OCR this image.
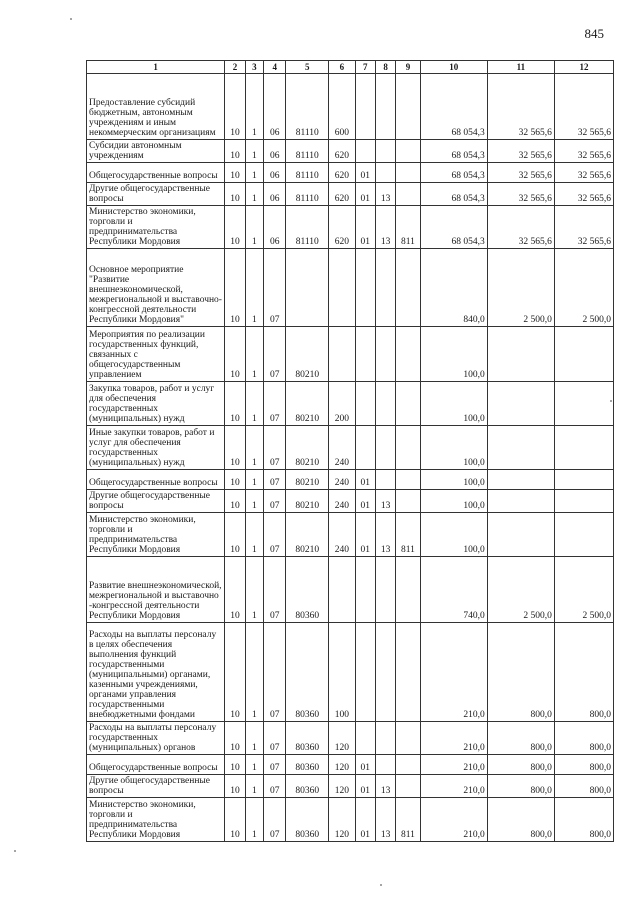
845
1	2	3	4	5	6	7	8	9	10	11	12
Предоставление субсидий бюджетным, автономным учреждениям и иным некоммерческим организациям	10	1	06	81110	600				68 054,3	32 565,6	32 565,6
Субсидии автономным учреждениям	10	1	06	81110	620				68 054,3	32 565,6	32 565,6
Общегосударственные вопросы	10	1	06	81110	620	01			68 054,3	32 565,6	32 565,6
Другие общегосударственные вопросы	10	1	06	81110	620	01	13		68 054,3	32 565,6	32 565,6
Министерство экономики, торговли и предпринимательства Республики Мордовия	10	1	06	81110	620	01	13	811	68 054,3	32 565,6	32 565,6
Основное мероприятие "Развитие внешнеэкономической, межрегиональной и выставочно-конгрессной деятельности Республики Мордовия"	10	1	07						840,0	2 500,0	2 500,0
Мероприятия по реализации государственных функций, связанных с общегосударственным управлением	10	1	07	80210					100,0		
Закупка товаров, работ и услуг для обеспечения государственных (муниципальных) нужд	10	1	07	80210	200				100,0		
Иные закупки товаров, работ и услуг для обеспечения государственных (муниципальных) нужд	10	1	07	80210	240				100,0		
Общегосударственные вопросы	10	1	07	80210	240	01			100,0		
Другие общегосударственные вопросы	10	1	07	80210	240	01	13		100,0		
Министерство экономики, торговли и предпринимательства Республики Мордовия	10	1	07	80210	240	01	13	811	100,0		
Развитие внешнеэкономической, межрегиональной и выставочно -конгрессной деятельности Республики Мордовия	10	1	07	80360					740,0	2 500,0	2 500,0
Расходы на выплаты персоналу в целях обеспечения выполнения функций государственными (муниципальными) органами, казенными учреждениями, органами управления государственными внебюджетными фондами	10	1	07	80360	100				210,0	800,0	800,0
Расходы на выплаты персоналу государственных (муниципальных) органов	10	1	07	80360	120				210,0	800,0	800,0
Общегосударственные вопросы	10	1	07	80360	120	01			210,0	800,0	800,0
Другие общегосударственные вопросы	10	1	07	80360	120	01	13		210,0	800,0	800,0
Министерство экономики, торговли и предпринимательства Республики Мордовия	10	1	07	80360	120	01	13	811	210,0	800,0	800,0
